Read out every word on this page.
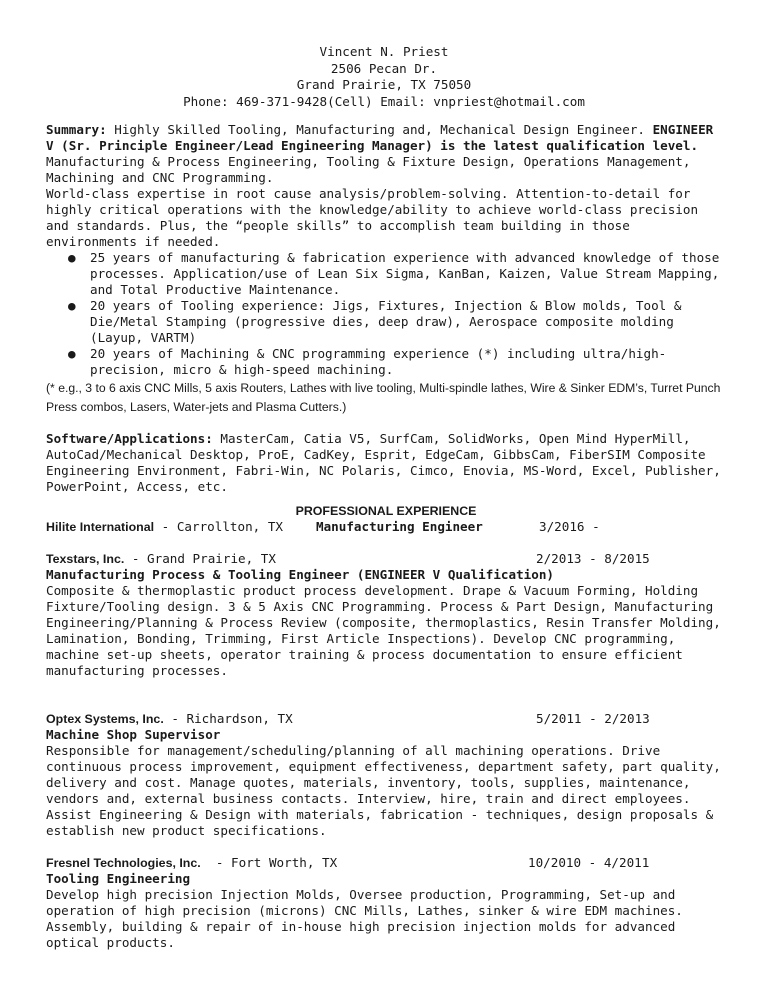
Vincent N. Priest
2506 Pecan Dr.
Grand Prairie, TX 75050
Phone: 469-371-9428(Cell) Email: vnpriest@hotmail.com

Summary: Highly Skilled Tooling, Manufacturing and, Mechanical Design Engineer. ENGINEER V (Sr. Principle Engineer/Lead Engineering Manager) is the latest qualification level. Manufacturing & Process Engineering, Tooling & Fixture Design, Operations Management, Machining and CNC Programming.

World-class expertise in root cause analysis/problem-solving. Attention-to-detail for highly critical operations with the knowledge/ability to achieve world-class precision and standards. Plus, the “people skills” to accomplish team building in those environments if needed.

● 25 years of manufacturing & fabrication experience with advanced knowledge of those processes. Application/use of Lean Six Sigma, KanBan, Kaizen, Value Stream Mapping, and Total Productive Maintenance.
● 20 years of Tooling experience: Jigs, Fixtures, Injection & Blow molds, Tool & Die/Metal Stamping (progressive dies, deep draw), Aerospace composite molding (Layup, VARTM)
● 20 years of Machining & CNC programming experience (*) including ultra/high-precision, micro & high-speed machining.

(* e.g., 3 to 6 axis CNC Mills, 5 axis Routers, Lathes with live tooling, Multi-spindle lathes, Wire & Sinker EDM’s, Turret Punch Press combos, Lasers, Water-jets and Plasma Cutters.)

Software/Applications: MasterCam, Catia V5, SurfCam, SolidWorks, Open Mind HyperMill, AutoCad/Mechanical Desktop, ProE, CadKey, Esprit, EdgeCam, GibbsCam, FiberSIM Composite Engineering Environment, Fabri-Win, NC Polaris, Cimco, Enovia, MS-Word, Excel, Publisher, PowerPoint, Access, etc.

PROFESSIONAL EXPERIENCE
Hilite International - Carrollton, TX	Manufacturing Engineer	3/2016 -
Texstars, Inc. - Grand Prairie, TX	2/2013 - 8/2015
Manufacturing Process & Tooling Engineer (ENGINEER V Qualification)

Composite & thermoplastic product process development. Drape & Vacuum Forming, Holding Fixture/Tooling design. 3 & 5 Axis CNC Programming. Process & Part Design, Manufacturing Engineering/Planning & Process Review (composite, thermoplastics, Resin Transfer Molding, Lamination, Bonding, Trimming, First Article Inspections). Develop CNC programming, machine set-up sheets, operator training & process documentation to ensure efficient manufacturing processes.

Optex Systems, Inc. - Richardson, TX	5/2011 - 2/2013
Machine Shop Supervisor

Responsible for management/scheduling/planning of all machining operations. Drive continuous process improvement, equipment effectiveness, department safety, part quality, delivery and cost. Manage quotes, materials, inventory, tools, supplies, maintenance, vendors and, external business contacts. Interview, hire, train and direct employees. Assist Engineering & Design with materials, fabrication - techniques, design proposals & establish new product specifications.

Fresnel Technologies, Inc.  - Fort Worth, TX	10/2010 - 4/2011
Tooling Engineering

Develop high precision Injection Molds, Oversee production, Programming, Set-up and operation of high precision (microns) CNC Mills, Lathes, sinker & wire EDM machines. Assembly, building & repair of in-house high precision injection molds for advanced optical products.
